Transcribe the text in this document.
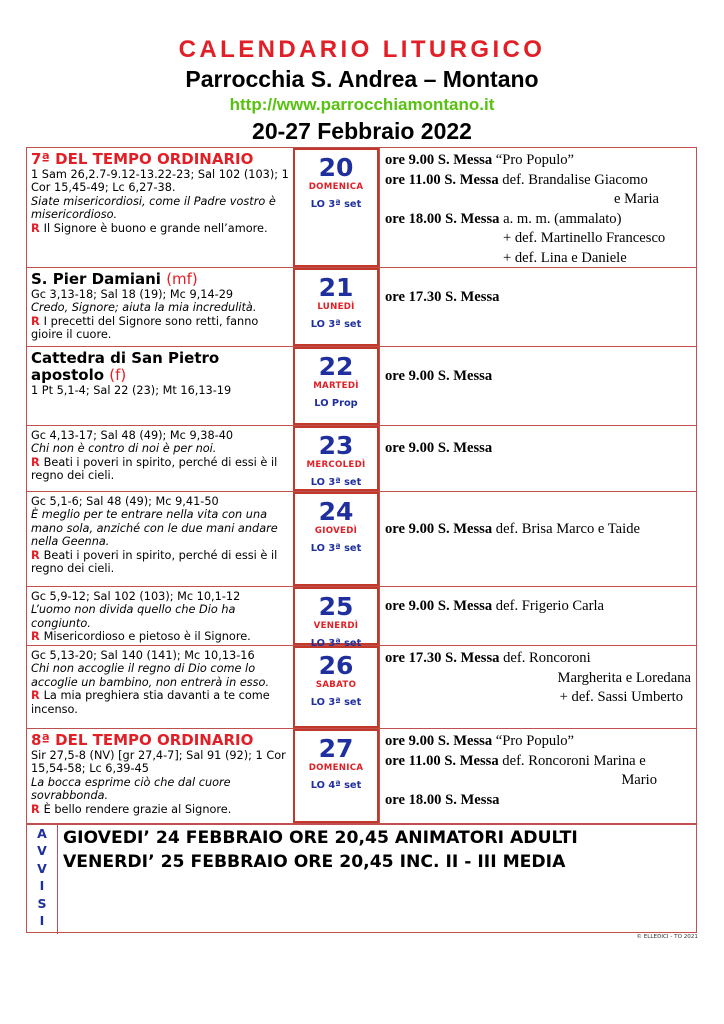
CALENDARIO LITURGICO
Parrocchia S. Andrea – Montano
http://www.parrocchiamontano.it
20-27 Febbraio 2022
7ª DEL TEMPO ORDINARIO
1 Sam 26,2.7-9.12-13.22-23; Sal 102 (103); 1 Cor 15,45-49; Lc 6,27-38.
Siate misericordiosi, come il Padre vostro è misericordioso.
R Il Signore è buono e grande nell’amore.
20
DOMENICA
LO 3ª set
ore 9.00 S. Messa “Pro Populo”
ore 11.00 S. Messa def. Brandalise Giacomo
e Maria
ore 18.00 S. Messa a. m. m. (ammalato)
+ def. Martinello Francesco
+ def. Lina e Daniele
S. Pier Damiani (mf)
Gc 3,13-18; Sal 18 (19); Mc 9,14-29
Credo, Signore; aiuta la mia incredulità.
R I precetti del Signore sono retti, fanno gioire il cuore.
21
LUNEDÌ
LO 3ª set
ore 17.30 S. Messa
Cattedra di San Pietro apostolo (f)
1 Pt 5,1-4; Sal 22 (23); Mt 16,13-19
22
MARTEDÌ
LO Prop
ore 9.00 S. Messa
Gc 4,13-17; Sal 48 (49); Mc 9,38-40
Chi non è contro di noi è per noi.
R Beati i poveri in spirito, perché di essi è il regno dei cieli.
23
MERCOLEDÌ
LO 3ª set
ore 9.00 S. Messa
Gc 5,1-6; Sal 48 (49); Mc 9,41-50
È meglio per te entrare nella vita con una mano sola, anziché con le due mani andare nella Geenna.
R Beati i poveri in spirito, perché di essi è il regno dei cieli.
24
GIOVEDÌ
LO 3ª set
ore 9.00 S. Messa def. Brisa Marco e Taide
Gc 5,9-12; Sal 102 (103); Mc 10,1-12
L’uomo non divida quello che Dio ha congiunto.
R Misericordioso e pietoso è il Signore.
25
VENERDÌ
LO 3ª set
ore 9.00 S. Messa def. Frigerio Carla
Gc 5,13-20; Sal 140 (141); Mc 10,13-16
Chi non accoglie il regno di Dio come lo accoglie un bambino, non entrerà in esso.
R La mia preghiera stia davanti a te come incenso.
26
SABATO
LO 3ª set
ore 17.30 S. Messa def. Roncoroni
Margherita e Loredana
+ def. Sassi Umberto
8ª DEL TEMPO ORDINARIO
Sir 27,5-8 (NV) [gr 27,4-7]; Sal 91 (92); 1 Cor 15,54-58; Lc 6,39-45
La bocca esprime ciò che dal cuore sovrabbonda.
R È bello rendere grazie al Signore.
27
DOMENICA
LO 4ª set
ore 9.00 S. Messa “Pro Populo”
ore 11.00 S. Messa def. Roncoroni Marina e
Mario
ore 18.00 S. Messa
A
V
V
I
S
I
GIOVEDI’ 24 FEBBRAIO ORE 20,45 ANIMATORI ADULTI
VENERDI’ 25 FEBBRAIO ORE 20,45 INC. II - III MEDIA
© ELLEDICI - TO 2021
